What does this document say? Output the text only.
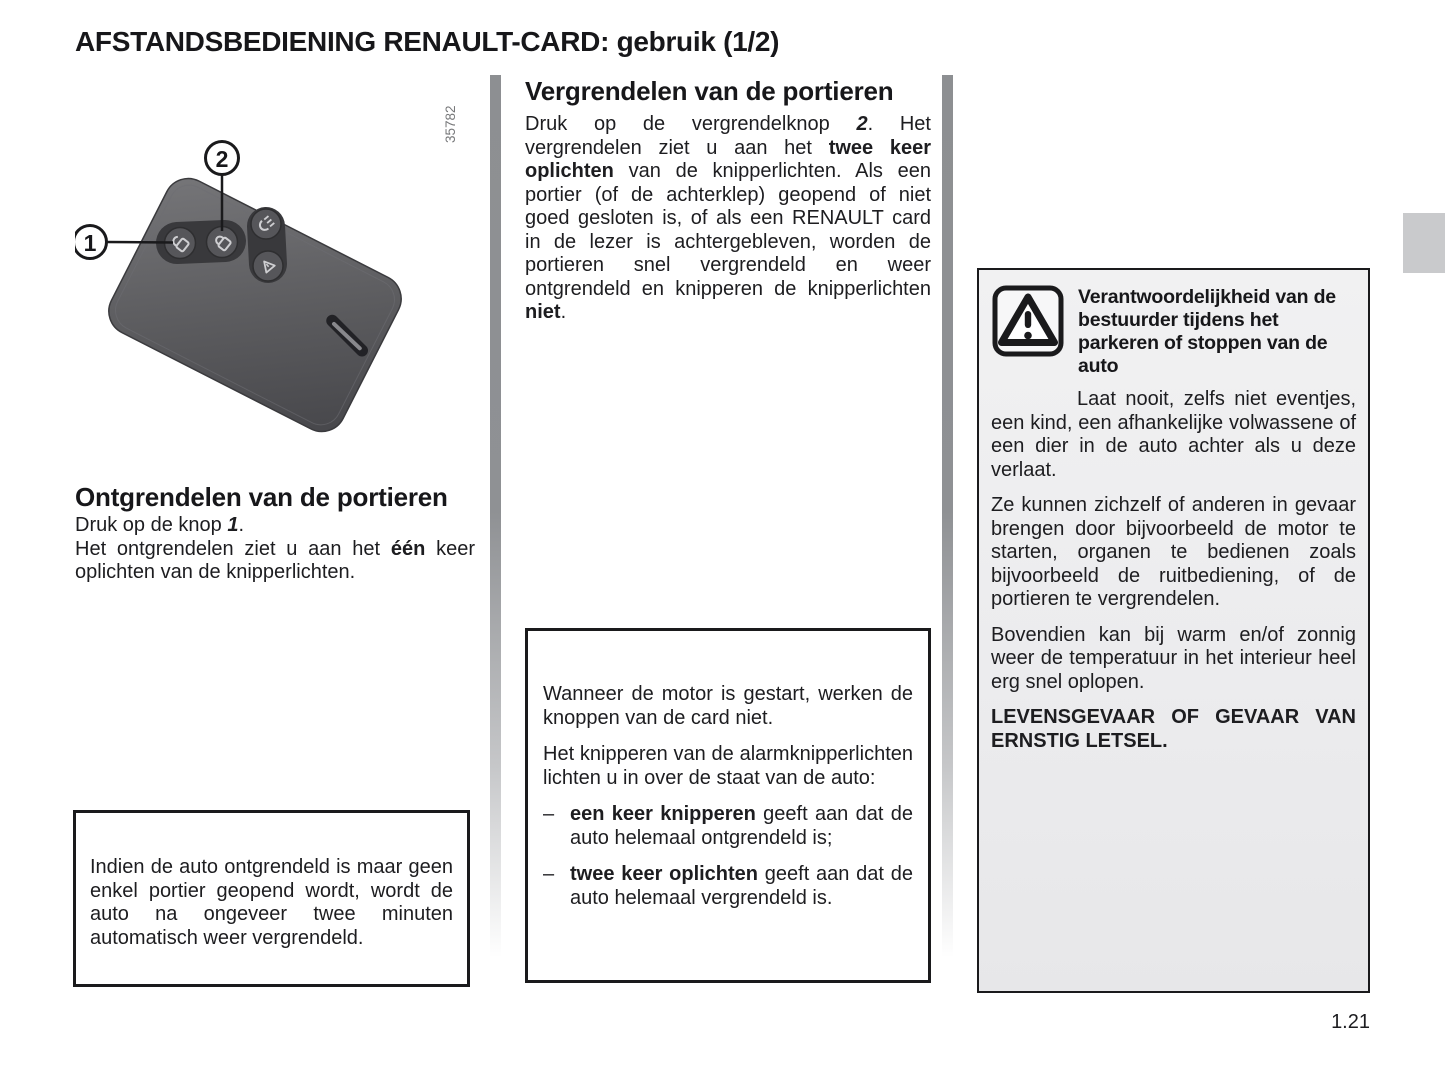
AFSTANDSBEDIENING RENAULT-CARD: gebruik (1/2)
35782
2
1
Ontgrendelen van de portieren

Druk op de knop 1.

Het ontgrendelen ziet u aan het één keer oplichten van de knipperlichten.

Indien de auto ontgrendeld is maar geen enkel portier geopend wordt, wordt de auto na ongeveer twee minuten automatisch weer vergrendeld.

Vergrendelen van de portieren

Druk op de vergrendelknop 2. Het vergrendelen ziet u aan het twee keer oplichten van de knipperlichten. Als een portier (of de achterklep) geopend of niet goed gesloten is, of als een RENAULT card in de lezer is achtergebleven, worden de portieren snel vergrendeld en weer ontgrendeld en knipperen de knipperlichten niet.

Wanneer de motor is gestart, werken de knoppen van de card niet.

Het knipperen van de alarmknipperlichten lichten u in over de staat van de auto:

– een keer knipperen geeft aan dat de auto helemaal ontgrendeld is;

– twee keer oplichten geeft aan dat de auto helemaal vergrendeld is.

Verantwoordelijkheid van de bestuurder tijdens het parkeren of stoppen van de auto

Laat nooit, zelfs niet eventjes, een kind, een afhankelijke volwassene of een dier in de auto achter als u deze verlaat.

Ze kunnen zichzelf of anderen in gevaar brengen door bijvoorbeeld de motor te starten, organen te bedienen zoals bijvoorbeeld de ruitbediening, of de portieren te vergrendelen.

Bovendien kan bij warm en/of zonnig weer de temperatuur in het interieur heel erg snel oplopen.

LEVENSGEVAAR OF GEVAAR VAN ERNSTIG LETSEL.

1.21
